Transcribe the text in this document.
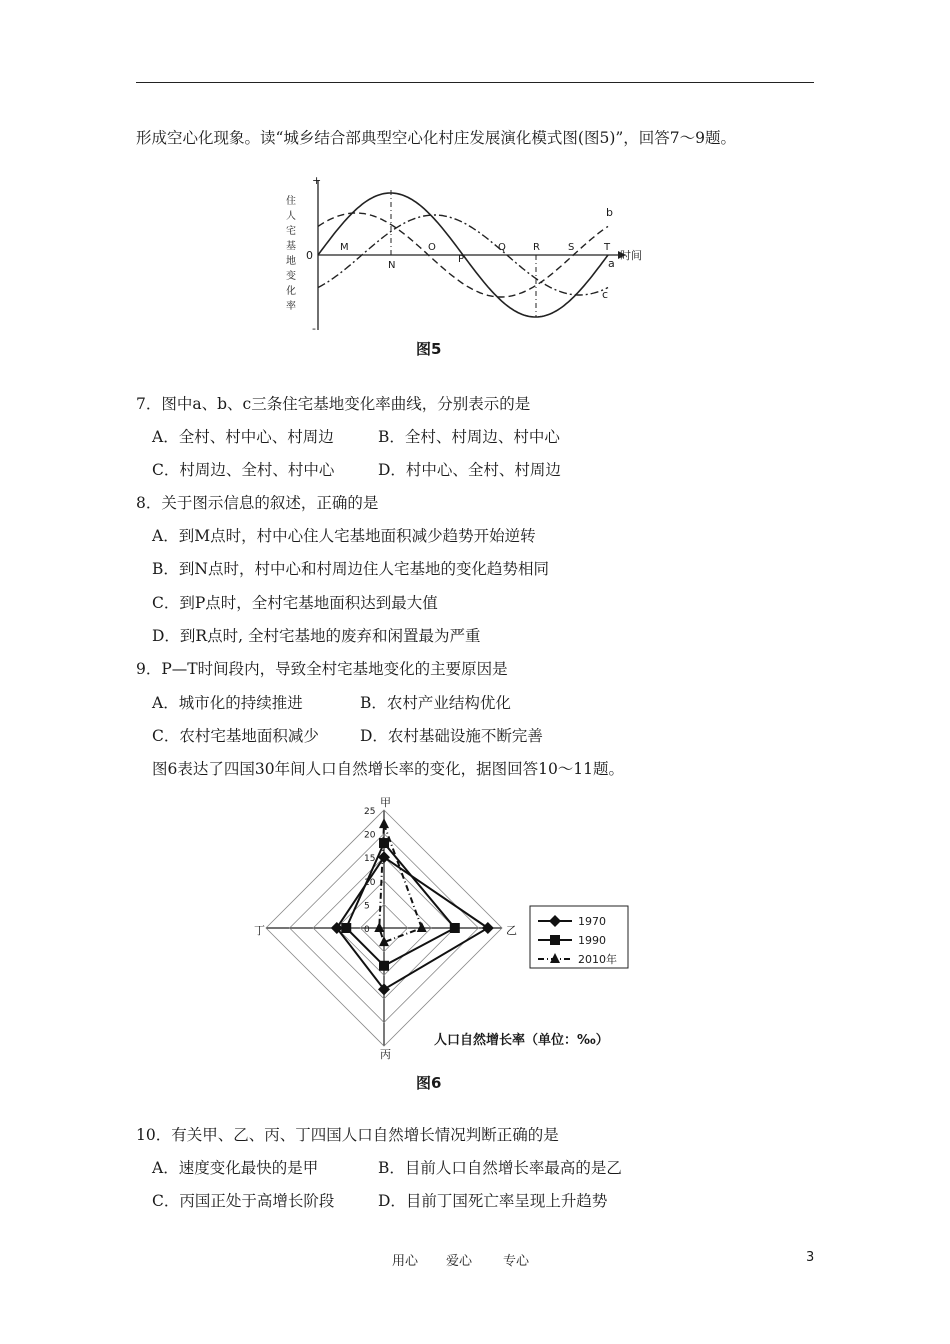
形成空心化现象。读“城乡结合部典型空心化村庄发展演化模式图(图5)”，回答7～9题。
+
-
0	时间
住
人
宅
基
地
变
化
率
M
N
O
P
Q	R	S	T
a
b
c
图5
7．图中a、b、c三条住宅基地变化率曲线，分别表示的是
A．全村、村中心、村周边	B．全村、村周边、村中心
C．村周边、全村、村中心	D．村中心、全村、村周边
8．关于图示信息的叙述，正确的是
A．到M点时，村中心住人宅基地面积减少趋势开始逆转
B．到N点时，村中心和村周边住人宅基地的变化趋势相同
C．到P点时，全村宅基地面积达到最大值
D．到R点时, 全村宅基地的废弃和闲置最为严重
9．P—T时间段内，导致全村宅基地变化的主要原因是
A．城市化的持续推进	B．农村产业结构优化
C．农村宅基地面积减少	D．农村基础设施不断完善
图6表达了四国30年间人口自然增长率的变化，据图回答10～11题。
25
20
15
10
5
0
甲
乙
丙
丁
1970
1990
2010年
人口自然增长率（单位：‰）
图6
10．有关甲、乙、丙、丁四国人口自然增长情况判断正确的是
A．速度变化最快的是甲	B．目前人口自然增长率最高的是乙
C．丙国正处于高增长阶段	D．目前丁国死亡率呈现上升趋势
用心 爱心 专心	3
